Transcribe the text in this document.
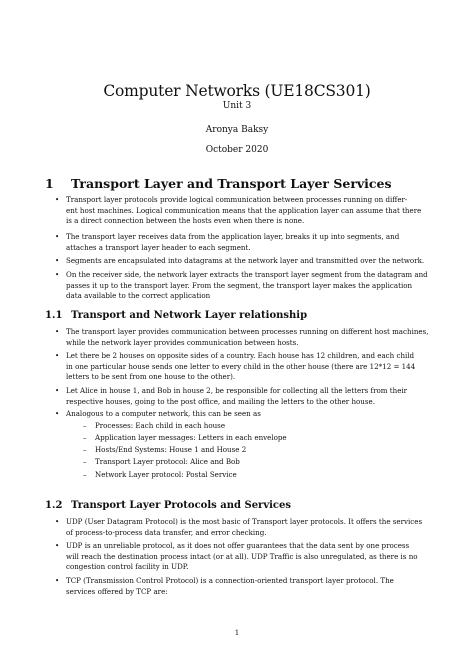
Computer Networks (UE18CS301)
Unit 3
Aronya Baksy
October 2020
1 Transport Layer and Transport Layer Services
• Transport layer protocols provide logical communication between processes running on differ-
ent host machines. Logical communication means that the application layer can assume that there
is a direct connection between the hosts even when there is none.
• The transport layer receives data from the application layer, breaks it up into segments, and
attaches a transport layer header to each segment.
• Segments are encapsulated into datagrams at the network layer and transmitted over the network.
• On the receiver side, the network layer extracts the transport layer segment from the datagram and
passes it up to the transport layer. From the segment, the transport layer makes the application
data available to the correct application
1.1 Transport and Network Layer relationship
• The transport layer provides communication between processes running on different host machines,
while the network layer provides communication between hosts.
• Let there be 2 houses on opposite sides of a country. Each house has 12 children, and each child
in one particular house sends one letter to every child in the other house (there are 12*12 = 144
letters to be sent from one house to the other).
• Let Alice in house 1, and Bob in house 2, be responsible for collecting all the letters from their
respective houses, going to the post office, and mailing the letters to the other house.
• Analogous to a computer network, this can be seen as
– Processes: Each child in each house
– Application layer messages: Letters in each envelope
– Hosts/End Systems: House 1 and House 2
– Transport Layer protocol: Alice and Bob
– Network Layer protocol: Postal Service
1.2 Transport Layer Protocols and Services
• UDP (User Datagram Protocol) is the most basic of Transport layer protocols. It offers the services
of process-to-process data transfer, and error checking.
• UDP is an unreliable protocol, as it does not offer guarantees that the data sent by one process
will reach the destination process intact (or at all). UDP Traffic is also unregulated, as there is no
congestion control facility in UDP.
• TCP (Transmission Control Protocol) is a connection-oriented transport layer protocol. The
services offered by TCP are:
1
